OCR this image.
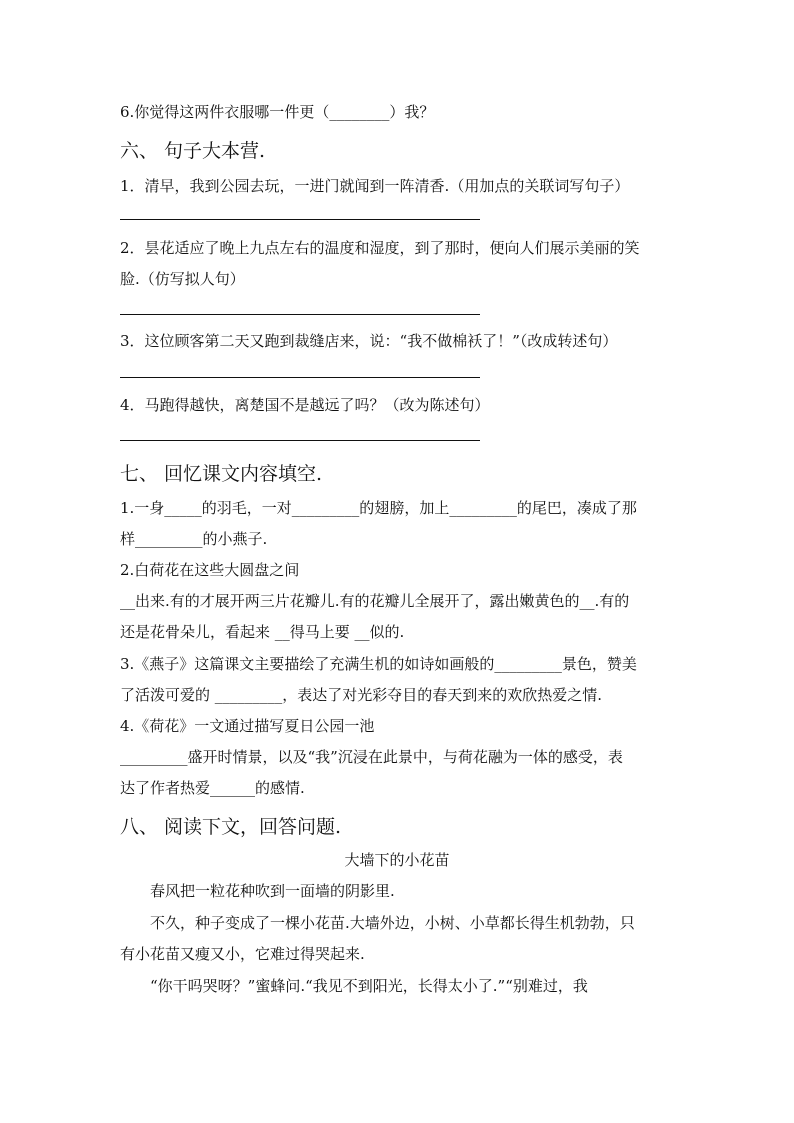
6.你觉得这两件衣服哪一件更（________）我？
六、 句子大本营.
1．清早，我到公园去玩，一进门就闻到一阵清香.（用加点的关联词写句子）
2．昙花适应了晚上九点左右的温度和湿度，到了那时，便向人们展示美丽的笑
脸.（仿写拟人句）
3．这位顾客第二天又跑到裁缝店来，说：“我不做棉袄了！”（改成转述句）
4．马跑得越快，离楚国不是越远了吗？（改为陈述句）
七、 回忆课文内容填空.
1.一身_____的羽毛，一对_________的翅膀，加上_________的尾巴，凑成了那
样_________的小燕子.
2.白荷花在这些大圆盘之间
__出来.有的才展开两三片花瓣儿.有的花瓣儿全展开了，露出嫩黄色的__.有的
还是花骨朵儿，看起来 __得马上要 __似的.
3.《燕子》这篇课文主要描绘了充满生机的如诗如画般的_________景色，赞美
了活泼可爱的 _________，表达了对光彩夺目的春天到来的欢欣热爱之情.
4.《荷花》一文通过描写夏日公园一池
_________盛开时情景，以及“我”沉浸在此景中，与荷花融为一体的感受，表
达了作者热爱______的感情.
八、 阅读下文，回答问题.
大墙下的小花苗
春风把一粒花种吹到一面墙的阴影里.
不久，种子变成了一棵小花苗.大墙外边，小树、小草都长得生机勃勃，只
有小花苗又瘦又小，它难过得哭起来.
“你干吗哭呀？”蜜蜂问.“我见不到阳光，长得太小了.”“别难过，我
